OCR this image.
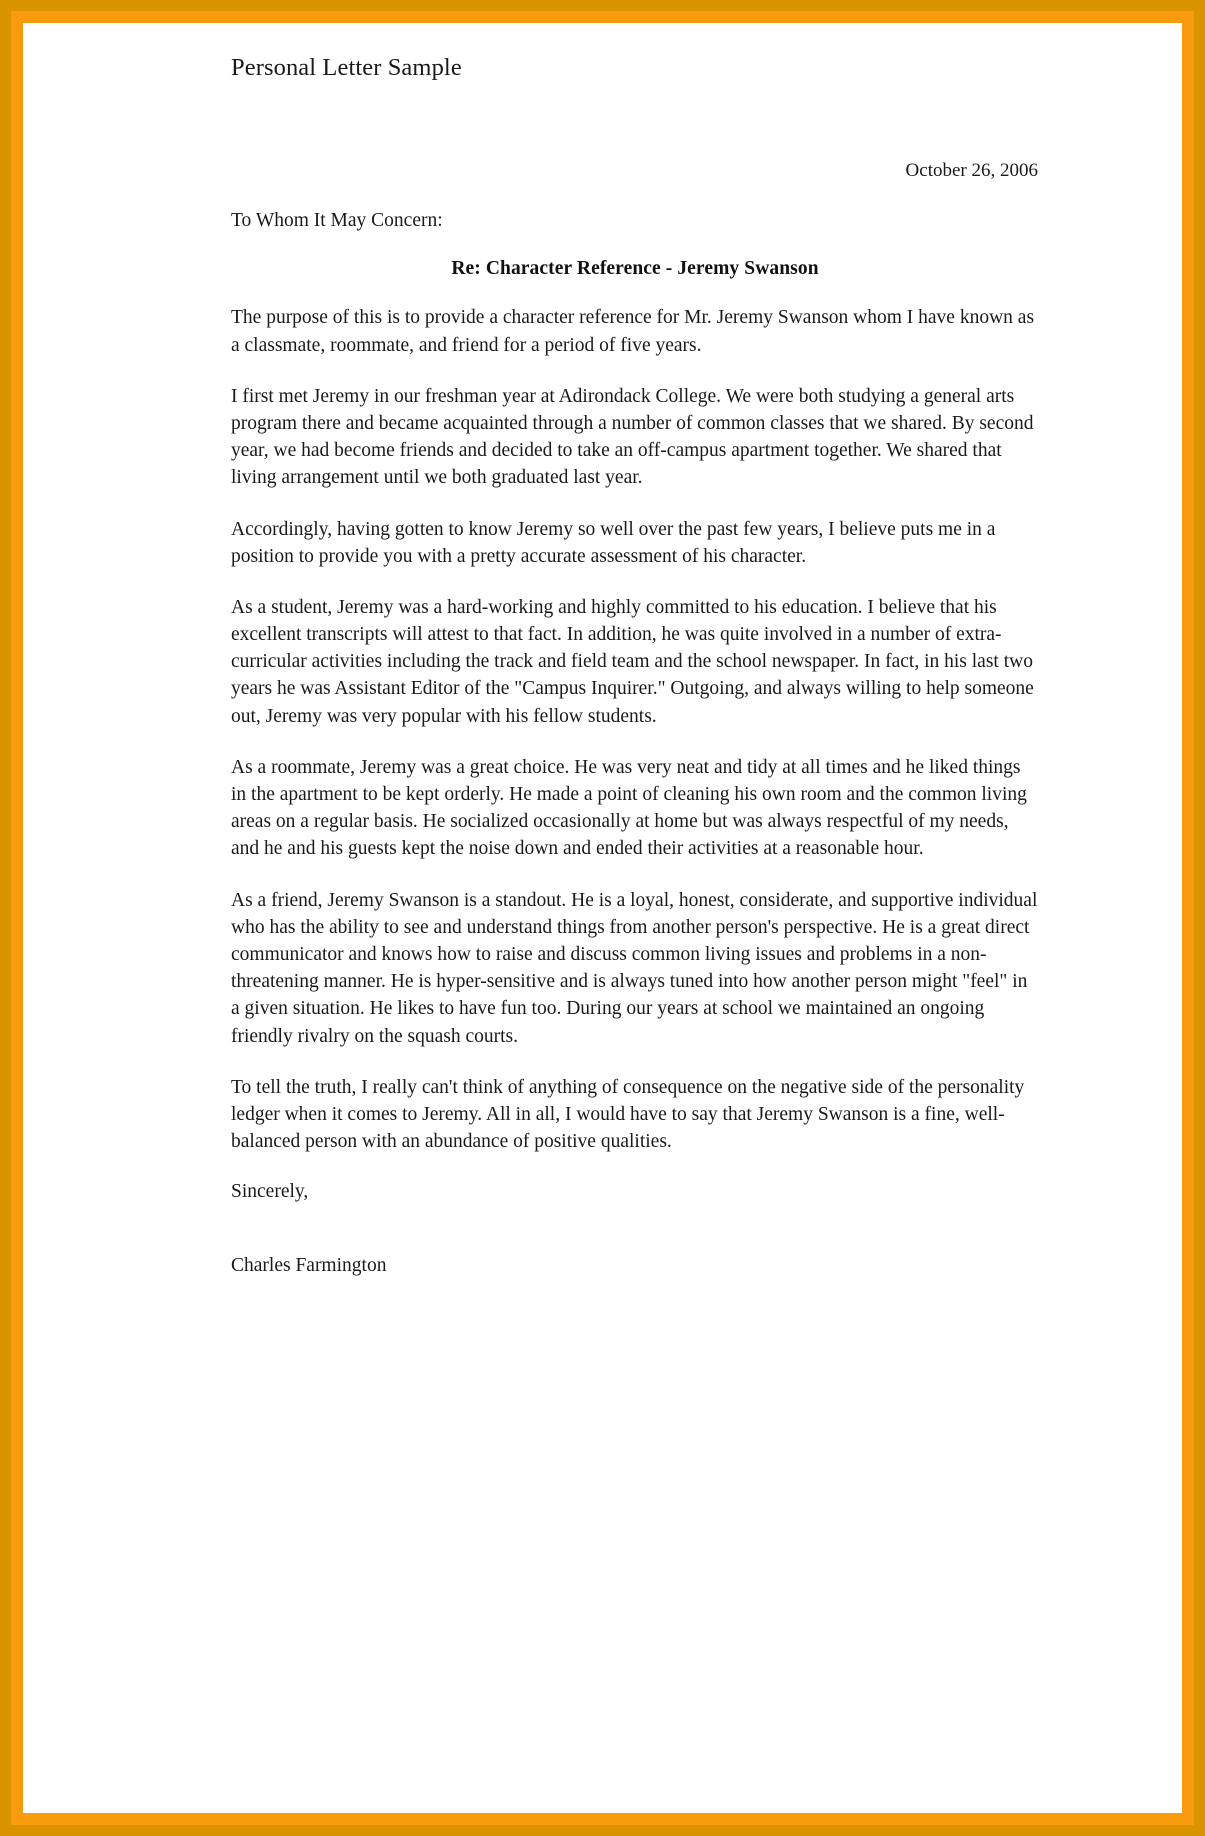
Personal Letter Sample
October 26, 2006
To Whom It May Concern:
Re: Character Reference - Jeremy Swanson

The purpose of this is to provide a character reference for Mr. Jeremy Swanson whom I have known as a classmate, roommate, and friend for a period of five years.

I first met Jeremy in our freshman year at Adirondack College. We were both studying a general arts program there and became acquainted through a number of common classes that we shared. By second year, we had become friends and decided to take an off-campus apartment together. We shared that living arrangement until we both graduated last year.

Accordingly, having gotten to know Jeremy so well over the past few years, I believe puts me in a position to provide you with a pretty accurate assessment of his character.

As a student, Jeremy was a hard-working and highly committed to his education. I believe that his excellent transcripts will attest to that fact. In addition, he was quite involved in a number of extra-curricular activities including the track and field team and the school newspaper. In fact, in his last two years he was Assistant Editor of the "Campus Inquirer." Outgoing, and always willing to help someone out, Jeremy was very popular with his fellow students.

As a roommate, Jeremy was a great choice. He was very neat and tidy at all times and he liked things in the apartment to be kept orderly. He made a point of cleaning his own room and the common living areas on a regular basis. He socialized occasionally at home but was always respectful of my needs, and he and his guests kept the noise down and ended their activities at a reasonable hour.

As a friend, Jeremy Swanson is a standout. He is a loyal, honest, considerate, and supportive individual who has the ability to see and understand things from another person's perspective. He is a great direct communicator and knows how to raise and discuss common living issues and problems in a non-threatening manner. He is hyper-sensitive and is always tuned into how another person might "feel" in a given situation. He likes to have fun too. During our years at school we maintained an ongoing friendly rivalry on the squash courts.

To tell the truth, I really can't think of anything of consequence on the negative side of the personality ledger when it comes to Jeremy. All in all, I would have to say that Jeremy Swanson is a fine, well-balanced person with an abundance of positive qualities.

Sincerely,
Charles Farmington
